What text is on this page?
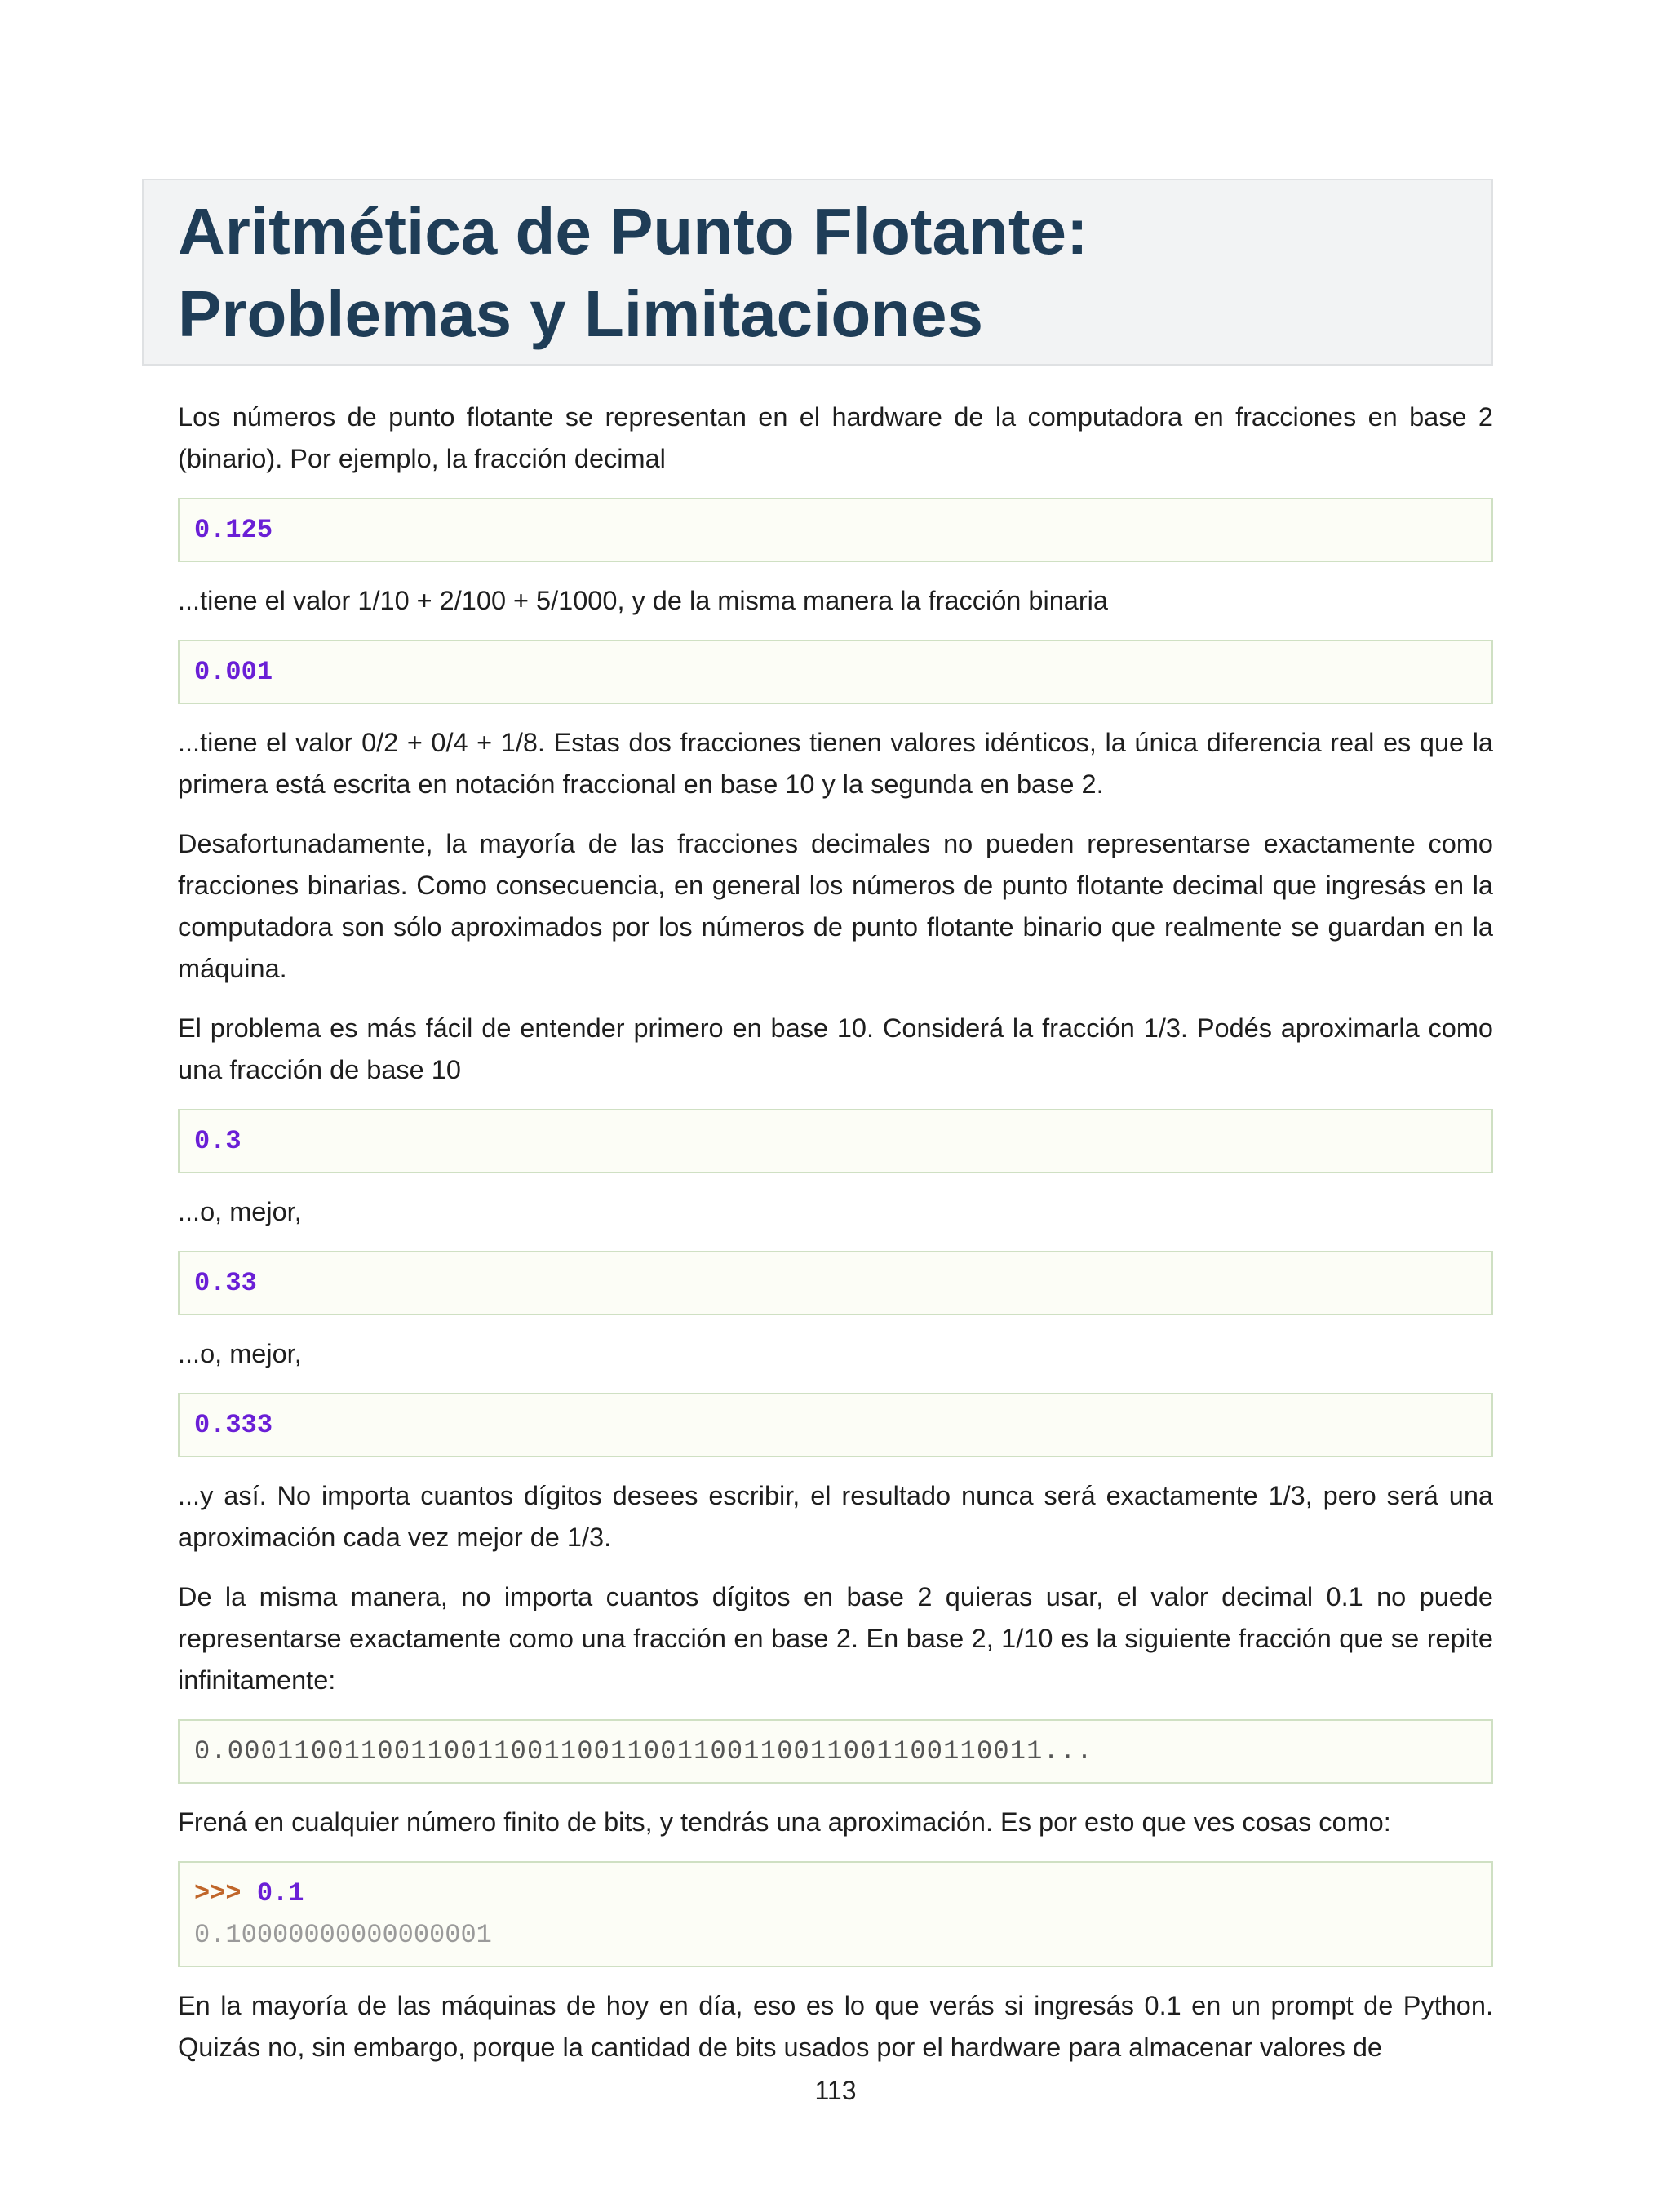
Aritmética de Punto Flotante:
Problemas y Limitaciones

Los números de punto flotante se representan en el hardware de la computadora en fracciones en base 2 (binario). Por ejemplo, la fracción decimal

0.125

...tiene el valor 1/10 + 2/100 + 5/1000, y de la misma manera la fracción binaria

0.001

...tiene el valor 0/2 + 0/4 + 1/8. Estas dos fracciones tienen valores idénticos, la única diferencia real es que la primera está escrita en notación fraccional en base 10 y la segunda en base 2.

Desafortunadamente, la mayoría de las fracciones decimales no pueden representarse exactamente como fracciones binarias. Como consecuencia, en general los números de punto flotante decimal que ingresás en la computadora son sólo aproximados por los números de punto flotante binario que realmente se guardan en la máquina.

El problema es más fácil de entender primero en base 10. Considerá la fracción 1/3. Podés aproximarla como una fracción de base 10

0.3

...o, mejor,

0.33

...o, mejor,

0.333

...y así. No importa cuantos dígitos desees escribir, el resultado nunca será exactamente 1/3, pero será una aproximación cada vez mejor de 1/3.

De la misma manera, no importa cuantos dígitos en base 2 quieras usar, el valor decimal 0.1 no puede representarse exactamente como una fracción en base 2. En base 2, 1/10 es la siguiente fracción que se repite infinitamente:

0.0001100110011001100110011001100110011001100110011...

Frená en cualquier número finito de bits, y tendrás una aproximación. Es por esto que ves cosas como:

>>> 0.1
0.10000000000000001

En la mayoría de las máquinas de hoy en día, eso es lo que verás si ingresás 0.1 en un prompt de Python. Quizás no, sin embargo, porque la cantidad de bits usados por el hardware para almacenar valores de

113
